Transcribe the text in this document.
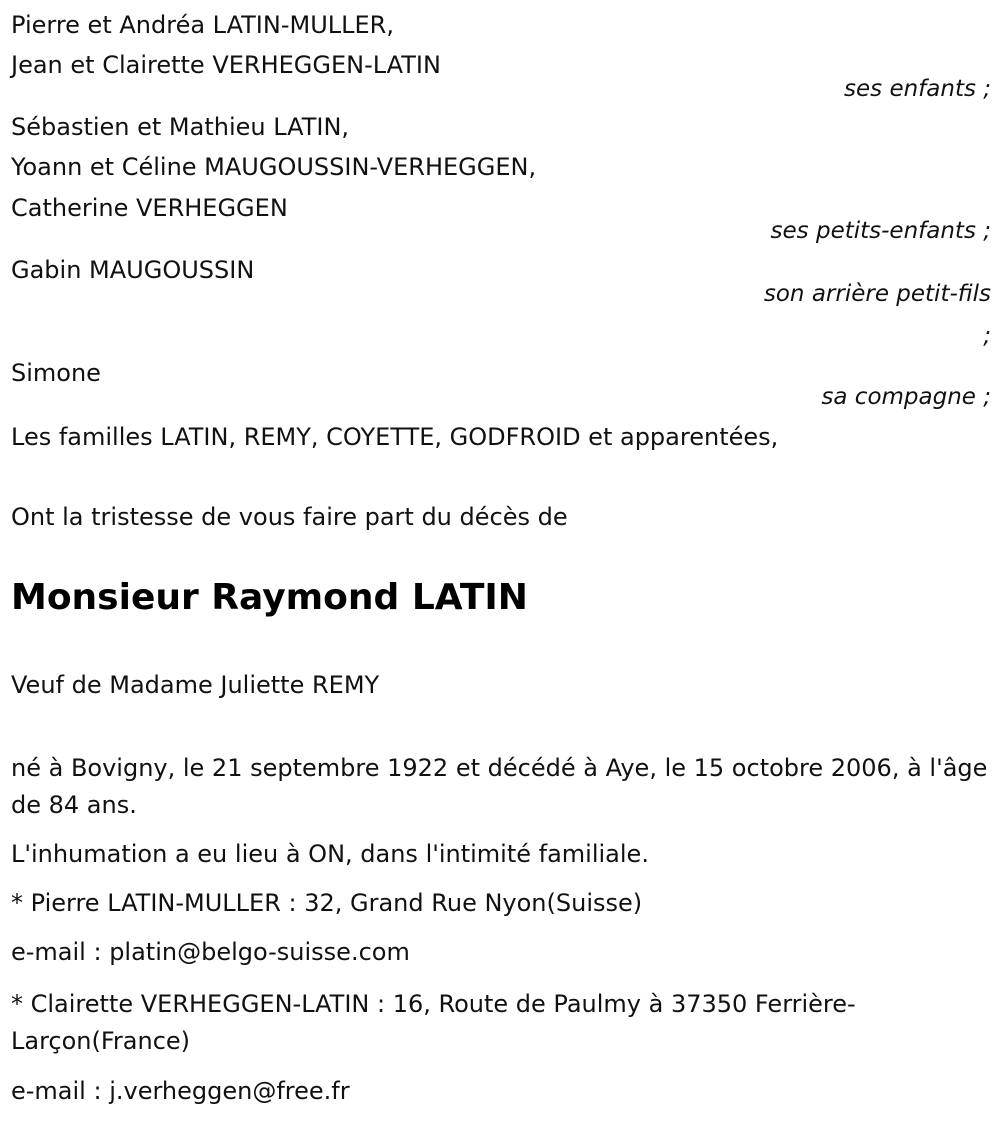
Pierre et Andréa LATIN-MULLER,
Jean et Clairette VERHEGGEN-LATIN
ses enfants ;
Sébastien et Mathieu LATIN,
Yoann et Céline MAUGOUSSIN-VERHEGGEN,
Catherine VERHEGGEN
ses petits-enfants ;
Gabin MAUGOUSSIN
son arrière petit-fils
;
Simone
sa compagne ;
Les familles LATIN, REMY, COYETTE, GODFROID et apparentées,
Ont la tristesse de vous faire part du décès de
Monsieur Raymond LATIN
Veuf de Madame Juliette REMY
né à Bovigny, le 21 septembre 1922 et décédé à Aye, le 15 octobre 2006, à l'âge de 84 ans.
L'inhumation a eu lieu à ON, dans l'intimité familiale.
* Pierre LATIN-MULLER : 32, Grand Rue Nyon(Suisse)
e-mail : platin@belgo-suisse.com
* Clairette VERHEGGEN-LATIN : 16, Route de Paulmy à 37350 Ferrière-Larçon(France)
e-mail : j.verheggen@free.fr
